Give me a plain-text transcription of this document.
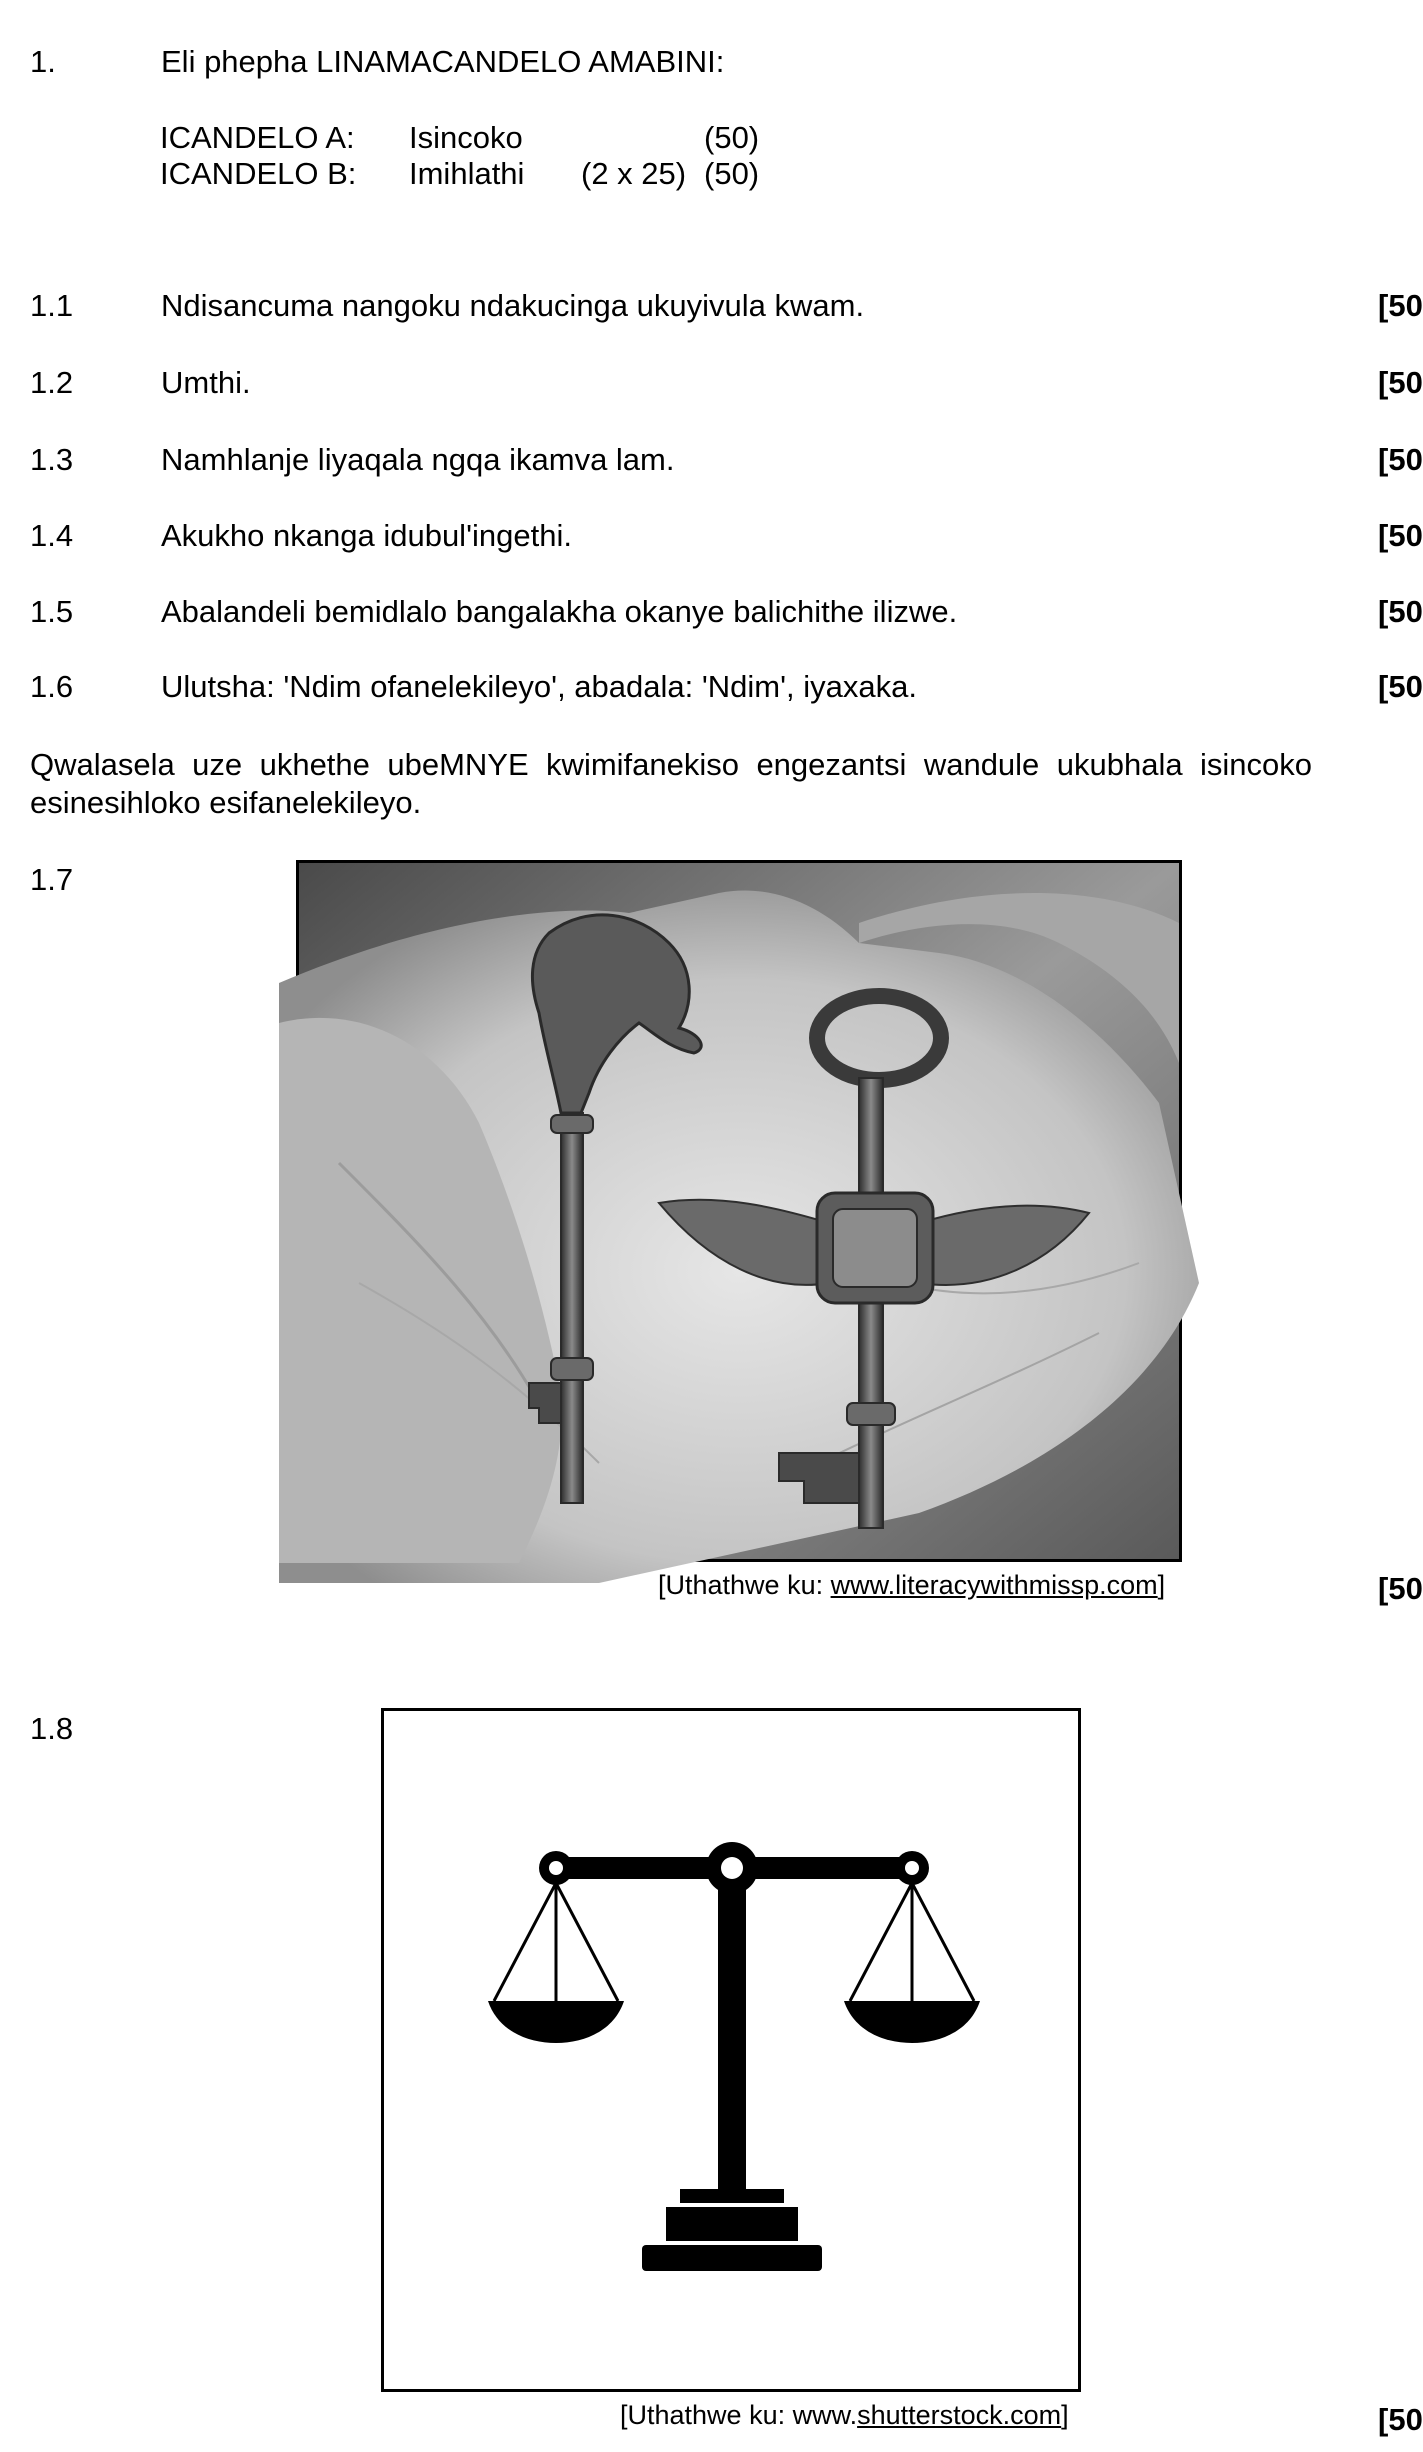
1.	Eli phepha LINAMACANDELO AMABINI:
ICANDELO A: Isincoko	(50)
ICANDELO B: Imihlathi (2 x 25) (50)
1.1	Ndisancuma nangoku ndakucinga ukuyivula kwam.	[50
1.2	Umthi.	[50
1.3	Namhlanje liyaqala ngqa ikamva lam.	[50
1.4	Akukho nkanga idubul'ingethi.	[50
1.5	Abalandeli bemidlalo bangalakha okanye balichithe ilizwe.	[50
1.6	Ulutsha: 'Ndim ofanelekileyo', abadala: 'Ndim', iyaxaka.	[50
Qwalasela uze ukhethe ubeMNYE kwimifanekiso engezantsi wandule ukubhala isincoko esinesihloko esifanelekileyo.
1.7
[Uthathwe ku: www.literacywithmissp.com]	[50
1.8
[Uthathwe ku: www.shutterstock.com]	[50
